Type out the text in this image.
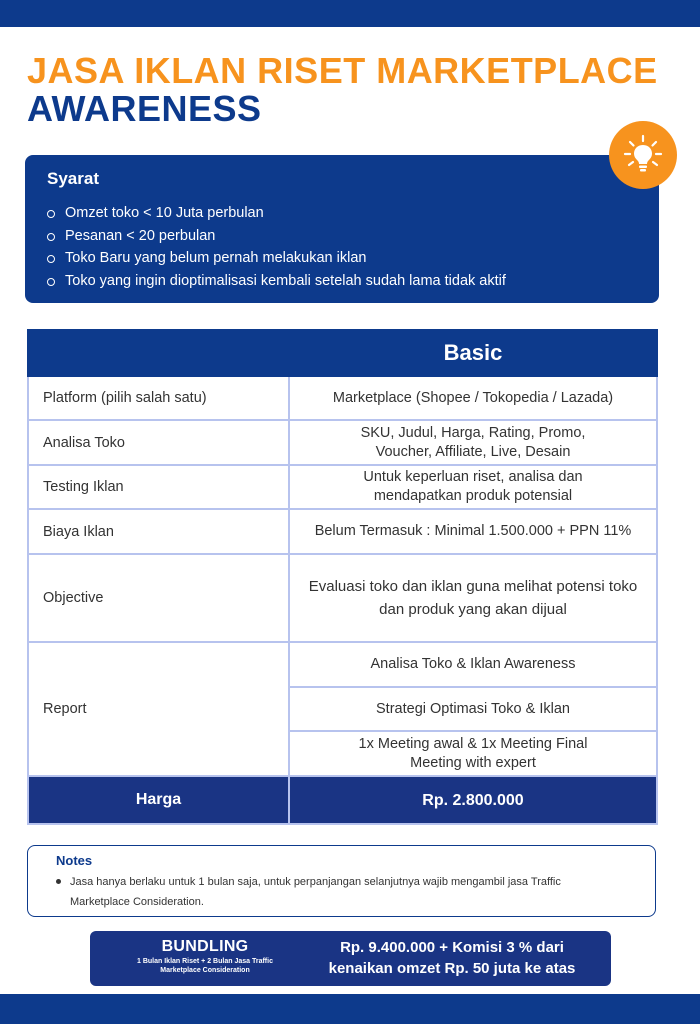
JASA IKLAN RISET MARKETPLACE
AWARENESS
Syarat
Omzet toko < 10 Juta perbulan
Pesanan < 20 perbulan
Toko Baru yang belum pernah melakukan iklan
Toko yang ingin dioptimalisasi kembali setelah sudah lama tidak aktif
	Basic
Platform (pilih salah satu)	Marketplace (Shopee / Tokopedia / Lazada)
Analisa Toko	SKU, Judul, Harga, Rating, Promo,
Voucher, Affiliate, Live, Desain

Testing Iklan	Untuk keperluan riset, analisa dan
mendapatkan produk potensial

Biaya Iklan	Belum Termasuk : Minimal 1.500.000 + PPN 11%
Objective	Evaluasi toko dan iklan guna melihat potensi toko
dan produk yang akan dijual

Report	Analisa Toko & Iklan Awareness
	Strategi Optimasi Toko & Iklan

	1x Meeting awal & 1x Meeting Final
Meeting with expert

Harga	Rp. 2.800.000
Notes

Jasa hanya berlaku untuk 1 bulan saja, untuk perpanjangan selanjutnya wajib mengambil jasa Traffic
Marketplace Consideration.

BUNDLING
1 Bulan Iklan Riset + 2 Bulan Jasa Traffic
Marketplace Consideration
Rp. 9.400.000 + Komisi 3 % dari
kenaikan omzet Rp. 50 juta ke atas
